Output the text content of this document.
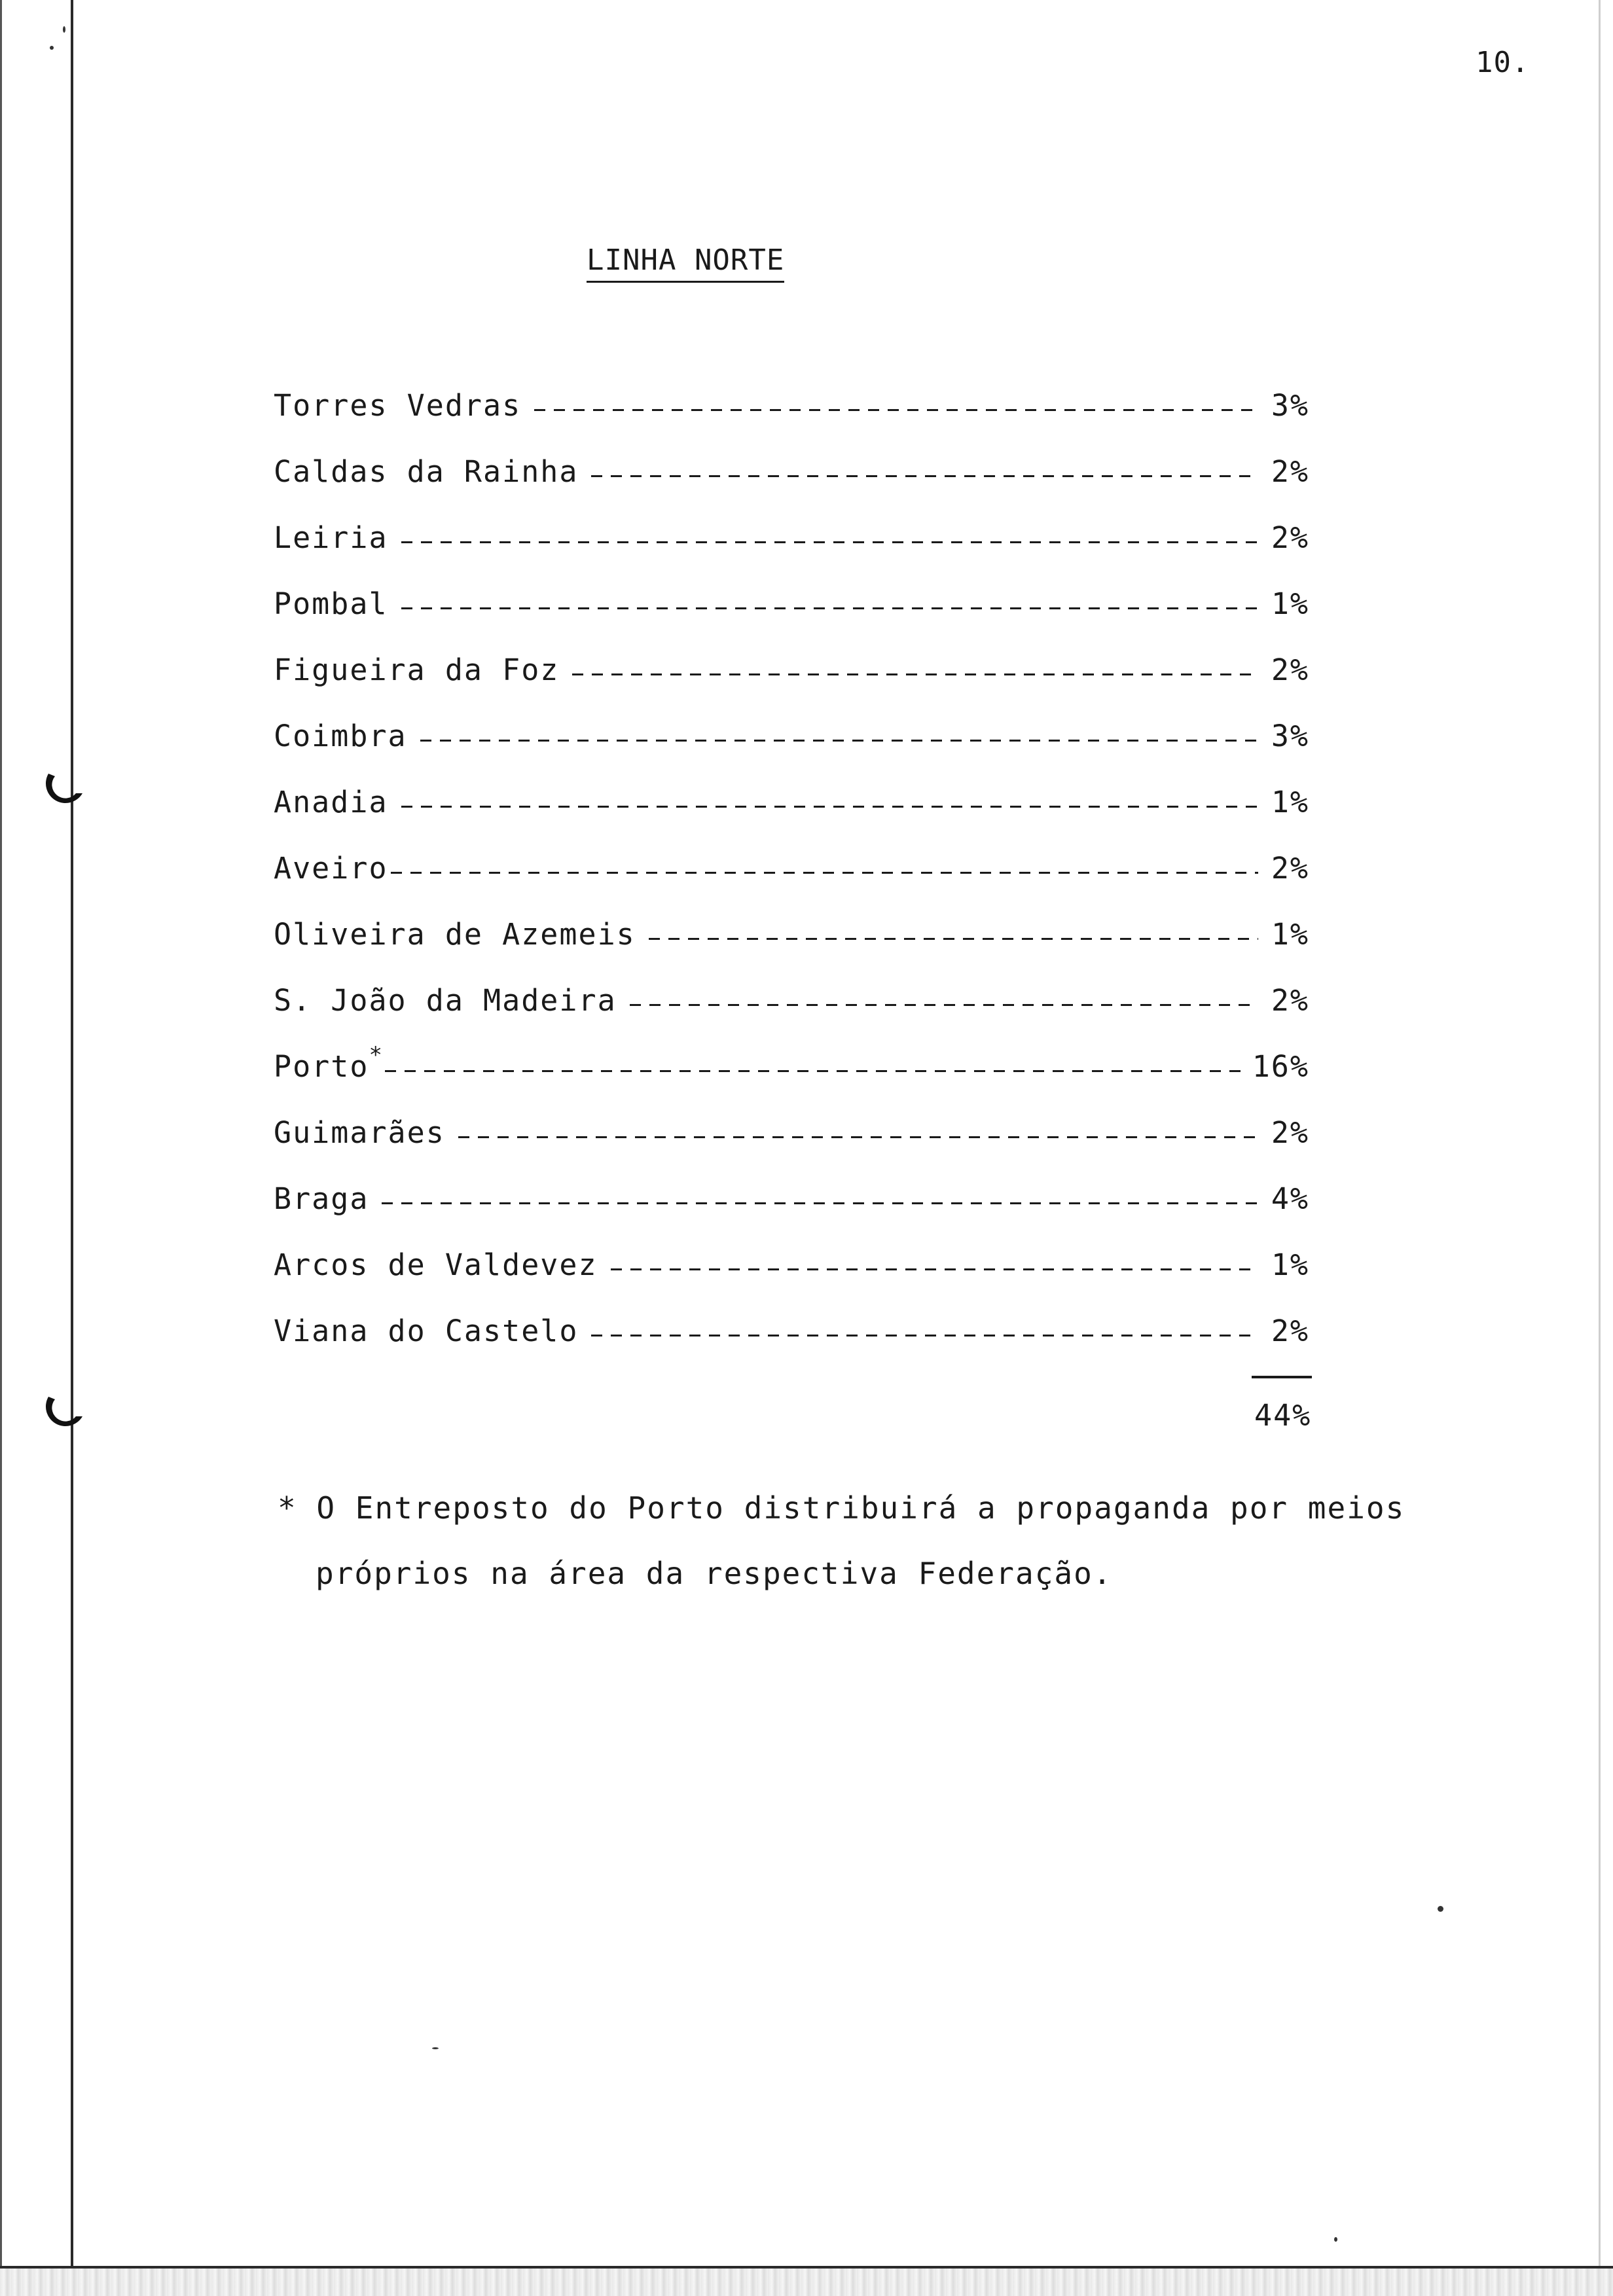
10.
LINHA NORTE
Torres Vedras	3%
Caldas da Rainha	2%
Leiria	2%
Pombal	1%
Figueira da Foz	2%
Coimbra	3%
Anadia	1%
Aveiro	2%
Oliveira de Azemeis	1%
S. João da Madeira	2%
Porto*	16%
Guimarães	2%
Braga	4%
Arcos de Valdevez	1%
Viana do Castelo	2%
44%
* O Entreposto do Porto distribuirá a propaganda por meios
próprios na área da respectiva Federação.
